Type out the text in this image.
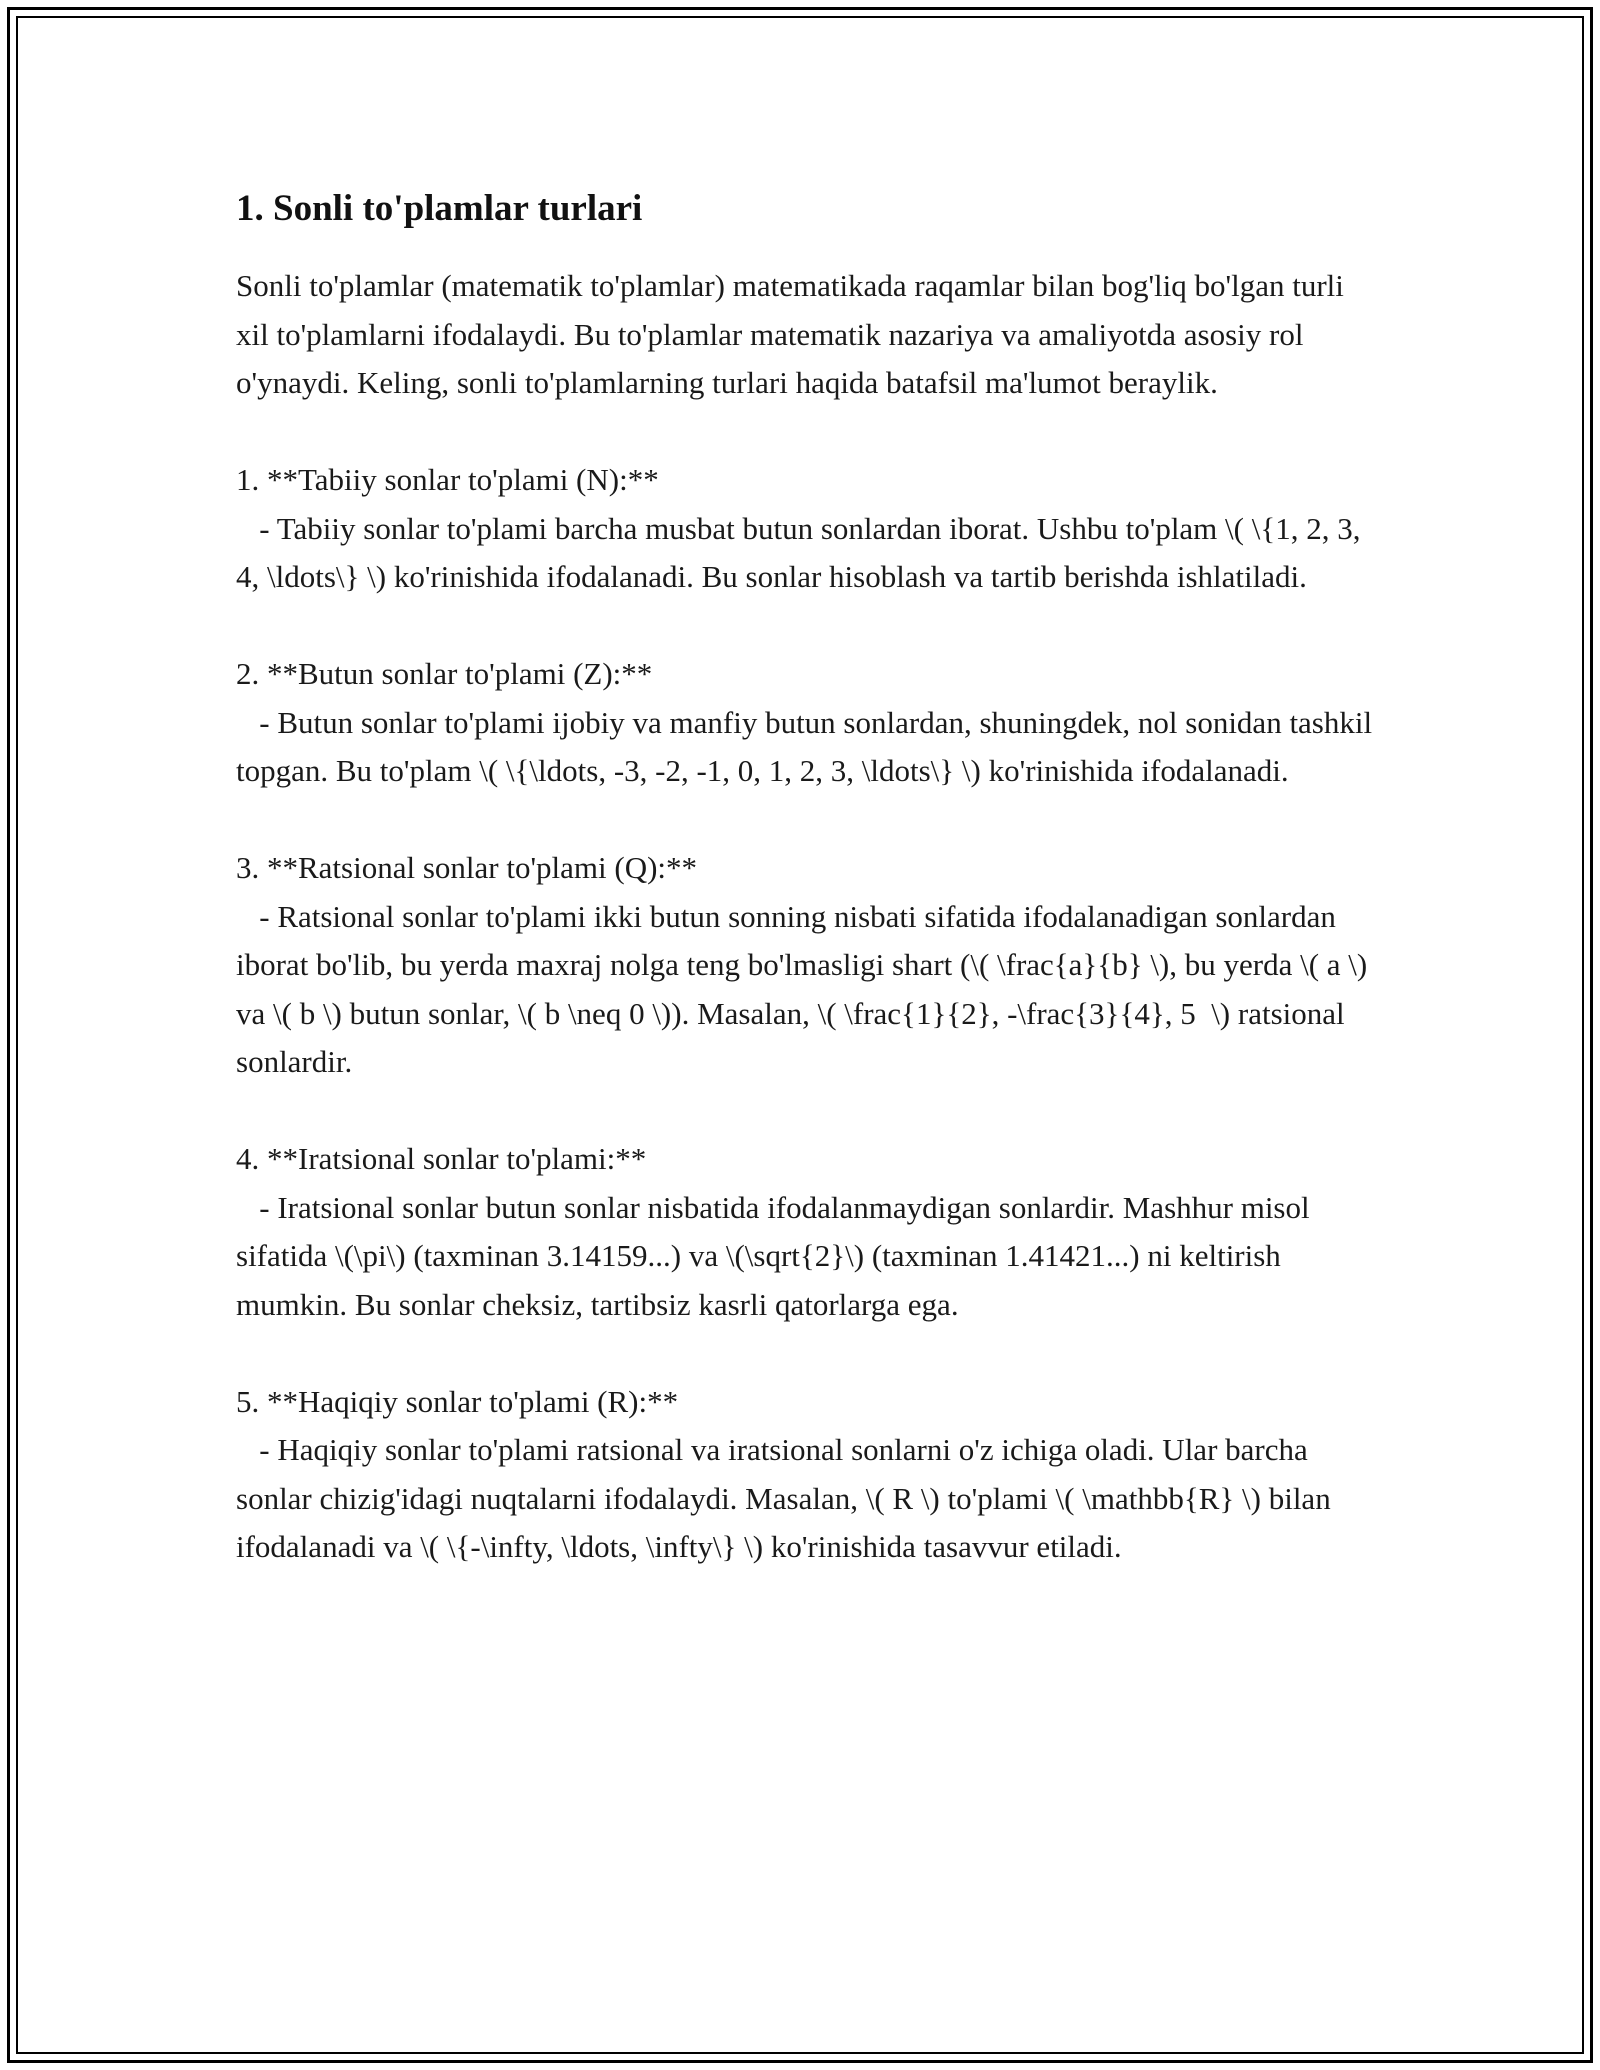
1. Sonli to'plamlar turlari

Sonli to'plamlar (matematik to'plamlar) matematikada raqamlar bilan bog'liq bo'lgan turli xil to'plamlarni ifodalaydi. Bu to'plamlar matematik nazariya va amaliyotda asosiy rol o'ynaydi. Keling, sonli to'plamlarning turlari haqida batafsil ma'lumot beraylik.

1. **Tabiiy sonlar to'plami (N):**

- Tabiiy sonlar to'plami barcha musbat butun sonlardan iborat. Ushbu to'plam \( \{1, 2, 3, 4, \ldots\} \) ko'rinishida ifodalanadi. Bu sonlar hisoblash va tartib berishda ishlatiladi.

2. **Butun sonlar to'plami (Z):**

- Butun sonlar to'plami ijobiy va manfiy butun sonlardan, shuningdek, nol sonidan tashkil topgan. Bu to'plam \( \{\ldots, -3, -2, -1, 0, 1, 2, 3, \ldots\} \) ko'rinishida ifodalanadi.

3. **Ratsional sonlar to'plami (Q):**

- Ratsional sonlar to'plami ikki butun sonning nisbati sifatida ifodalanadigan sonlardan iborat bo'lib, bu yerda maxraj nolga teng bo'lmasligi shart (\( \frac{a}{b} \), bu yerda \( a \) va \( b \) butun sonlar, \( b \neq 0 \)). Masalan, \( \frac{1}{2}, -\frac{3}{4}, 5  \) ratsional sonlardir.

4. **Iratsional sonlar to'plami:**

- Iratsional sonlar butun sonlar nisbatida ifodalanmaydigan sonlardir. Mashhur misol sifatida \(\pi\) (taxminan 3.14159...) va \(\sqrt{2}\) (taxminan 1.41421...) ni keltirish mumkin. Bu sonlar cheksiz, tartibsiz kasrli qatorlarga ega.

5. **Haqiqiy sonlar to'plami (R):**

- Haqiqiy sonlar to'plami ratsional va iratsional sonlarni o'z ichiga oladi. Ular barcha sonlar chizig'idagi nuqtalarni ifodalaydi. Masalan, \( R \) to'plami \( \mathbb{R} \) bilan ifodalanadi va \( \{-\infty, \ldots, \infty\} \) ko'rinishida tasavvur etiladi.
